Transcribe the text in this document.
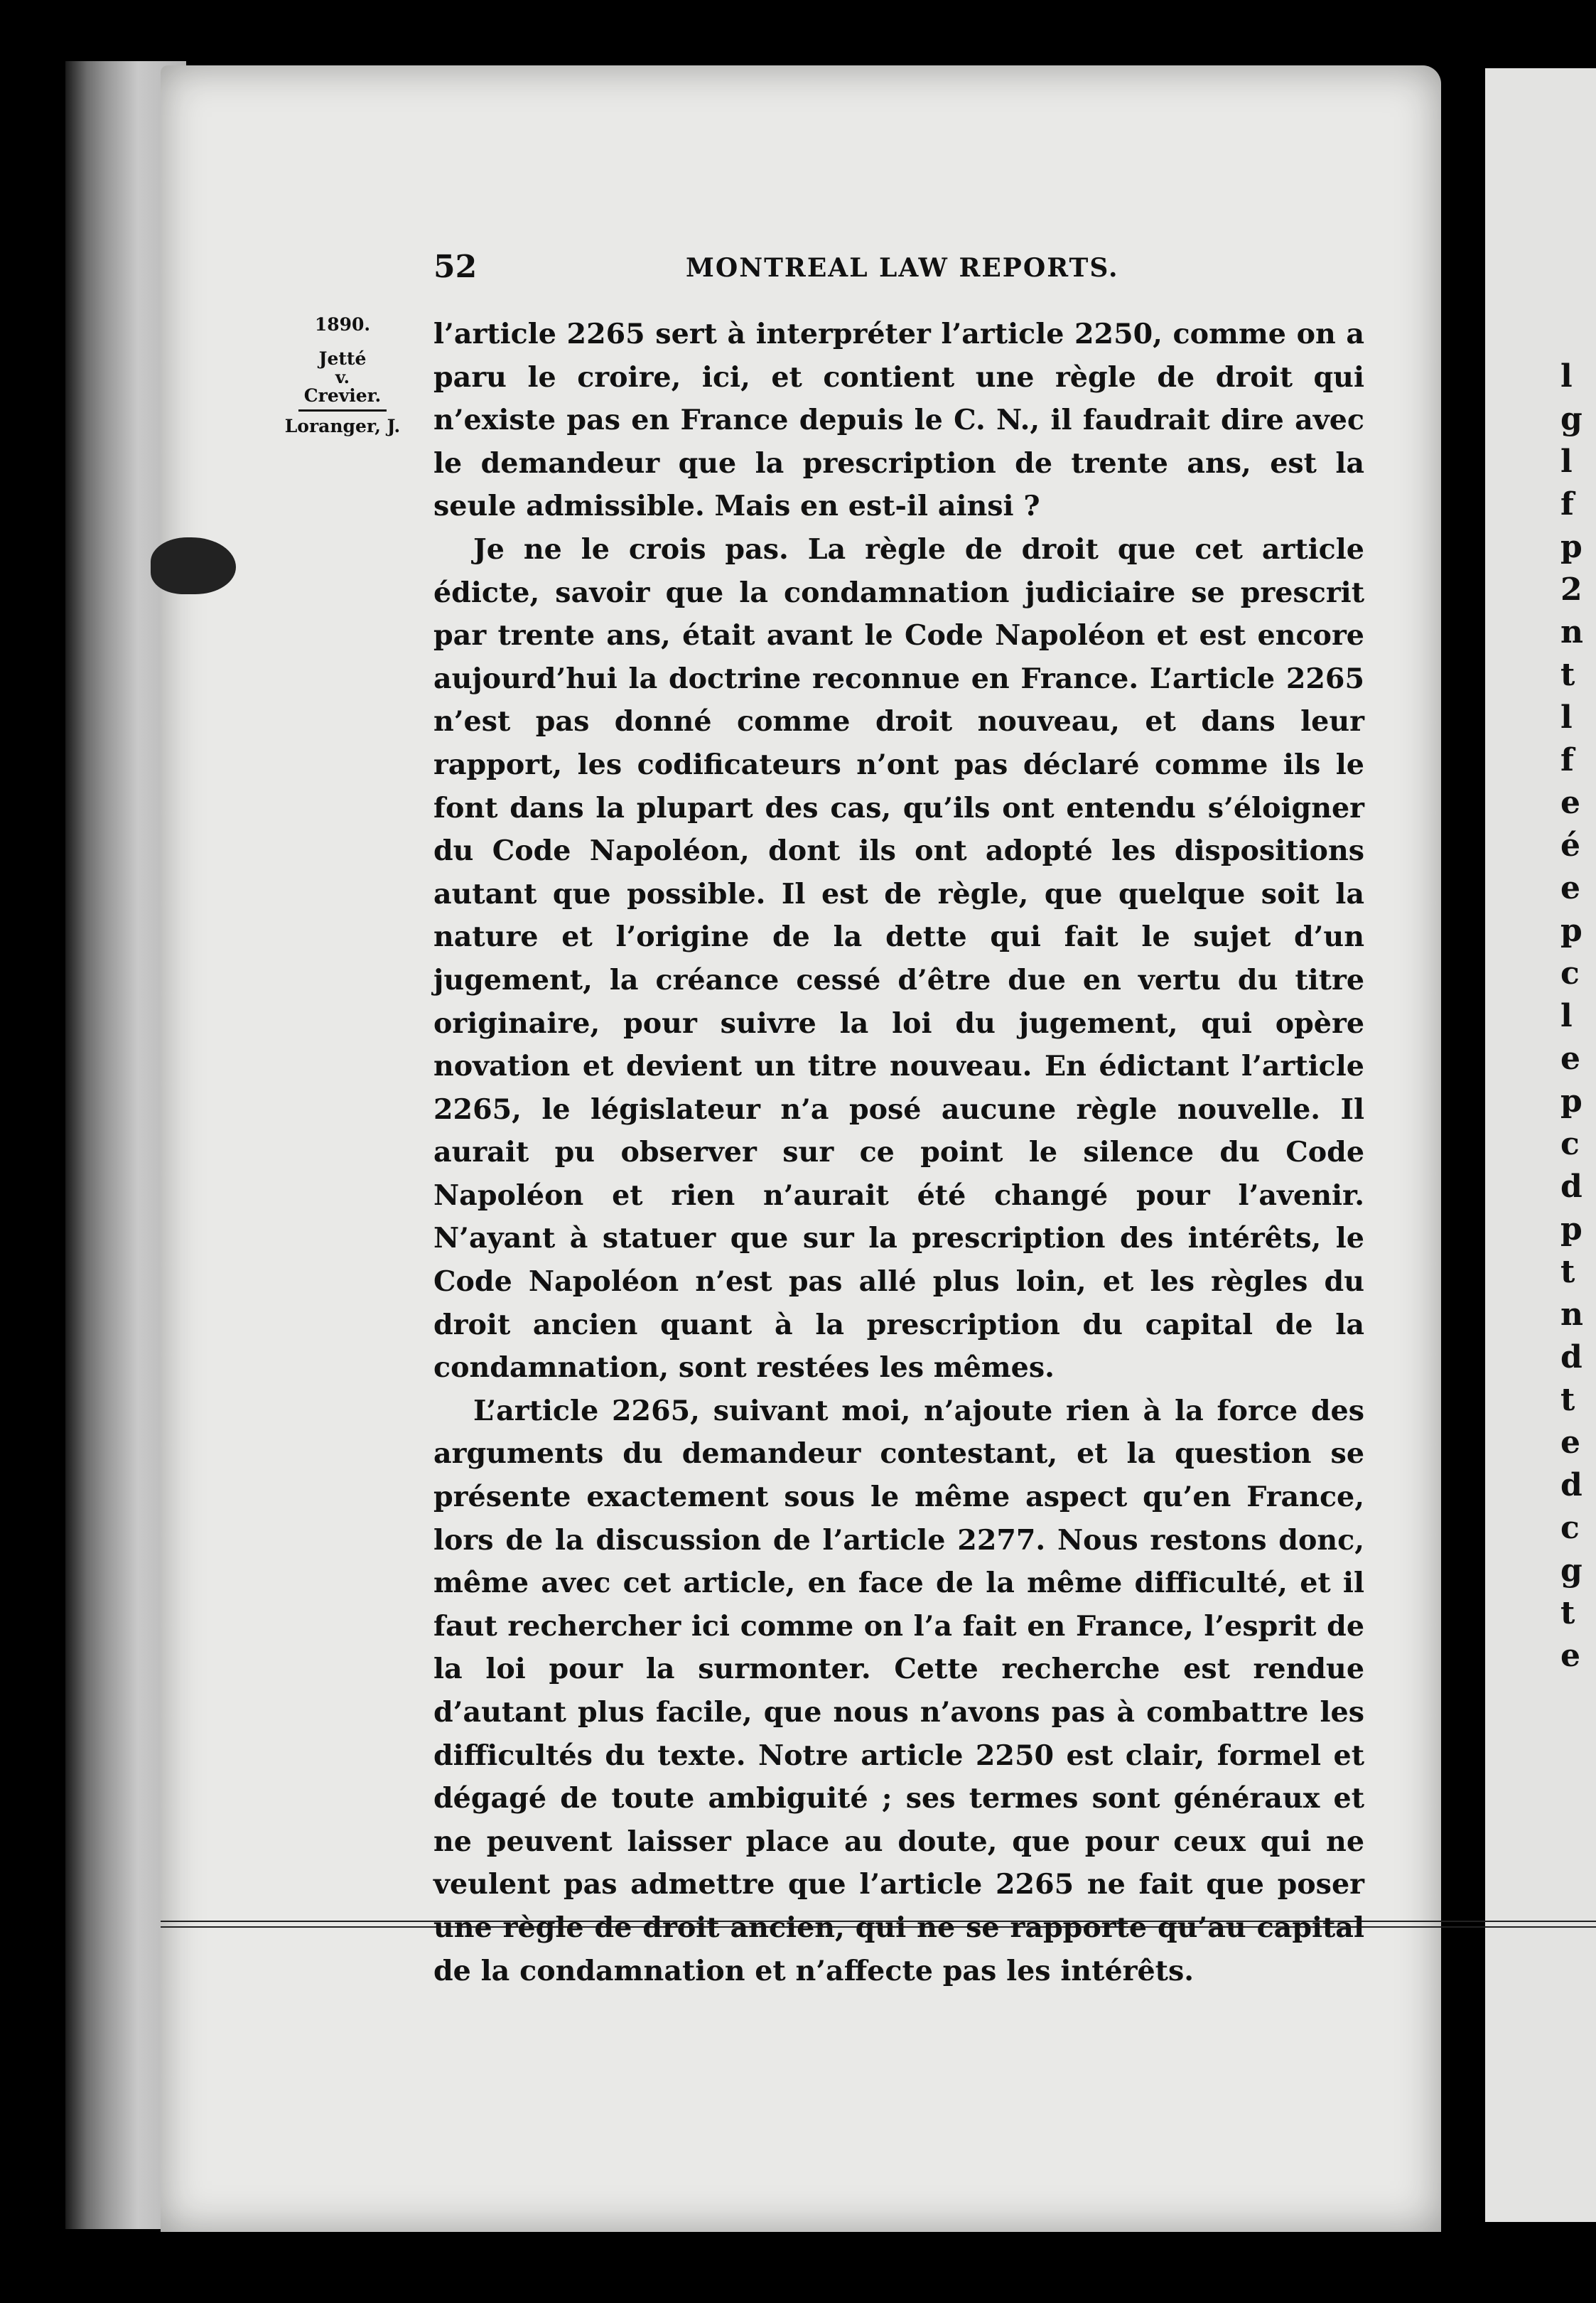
l
g
l
f
p
2
n
t
l
f
e
é
e
p
c
l
e
p
c
d
p
t
n
d
t
e
d
c
g
t
e
52	MONTREAL LAW REPORTS.
1890.
Jetté
v.
Crevier.
Loranger, J.

l’article 2265 sert à interpréter l’article 2250, comme on a paru le croire, ici, et contient une règle de droit qui n’existe pas en France depuis le C. N., il faudrait dire avec le demandeur que la prescription de trente ans, est la seule admissible. Mais en est-il ainsi ?

Je ne le crois pas. La règle de droit que cet article édicte, savoir que la condamnation judiciaire se prescrit par trente ans, était avant le Code Napoléon et est encore aujourd’hui la doctrine reconnue en France. L’article 2265 n’est pas donné comme droit nouveau, et dans leur rapport, les codificateurs n’ont pas déclaré comme ils le font dans la plupart des cas, qu’ils ont entendu s’éloigner du Code Napoléon, dont ils ont adopté les dispositions autant que possible. Il est de règle, que quelque soit la nature et l’origine de la dette qui fait le sujet d’un jugement, la créance cessé d’être due en vertu du titre originaire, pour suivre la loi du jugement, qui opère novation et devient un titre nouveau. En édictant l’article 2265, le législateur n’a posé aucune règle nouvelle. Il aurait pu observer sur ce point le silence du Code Napoléon et rien n’aurait été changé pour l’avenir. N’ayant à statuer que sur la prescription des intérêts, le Code Napoléon n’est pas allé plus loin, et les règles du droit ancien quant à la prescription du capital de la condamnation, sont restées les mêmes.

L’article 2265, suivant moi, n’ajoute rien à la force des arguments du demandeur contestant, et la question se présente exactement sous le même aspect qu’en France, lors de la discussion de l’article 2277. Nous restons donc, même avec cet article, en face de la même difficulté, et il faut rechercher ici comme on l’a fait en France, l’esprit de la loi pour la surmonter. Cette recherche est rendue d’autant plus facile, que nous n’avons pas à combattre les difficultés du texte. Notre article 2250 est clair, formel et dégagé de toute ambiguité ; ses termes sont généraux et ne peuvent laisser place au doute, que pour ceux qui ne veulent pas admettre que l’article 2265 ne fait que poser une règle de droit ancien, qui ne se rapporte qu’au capital de la condamnation et n’affecte pas les intérêts.
